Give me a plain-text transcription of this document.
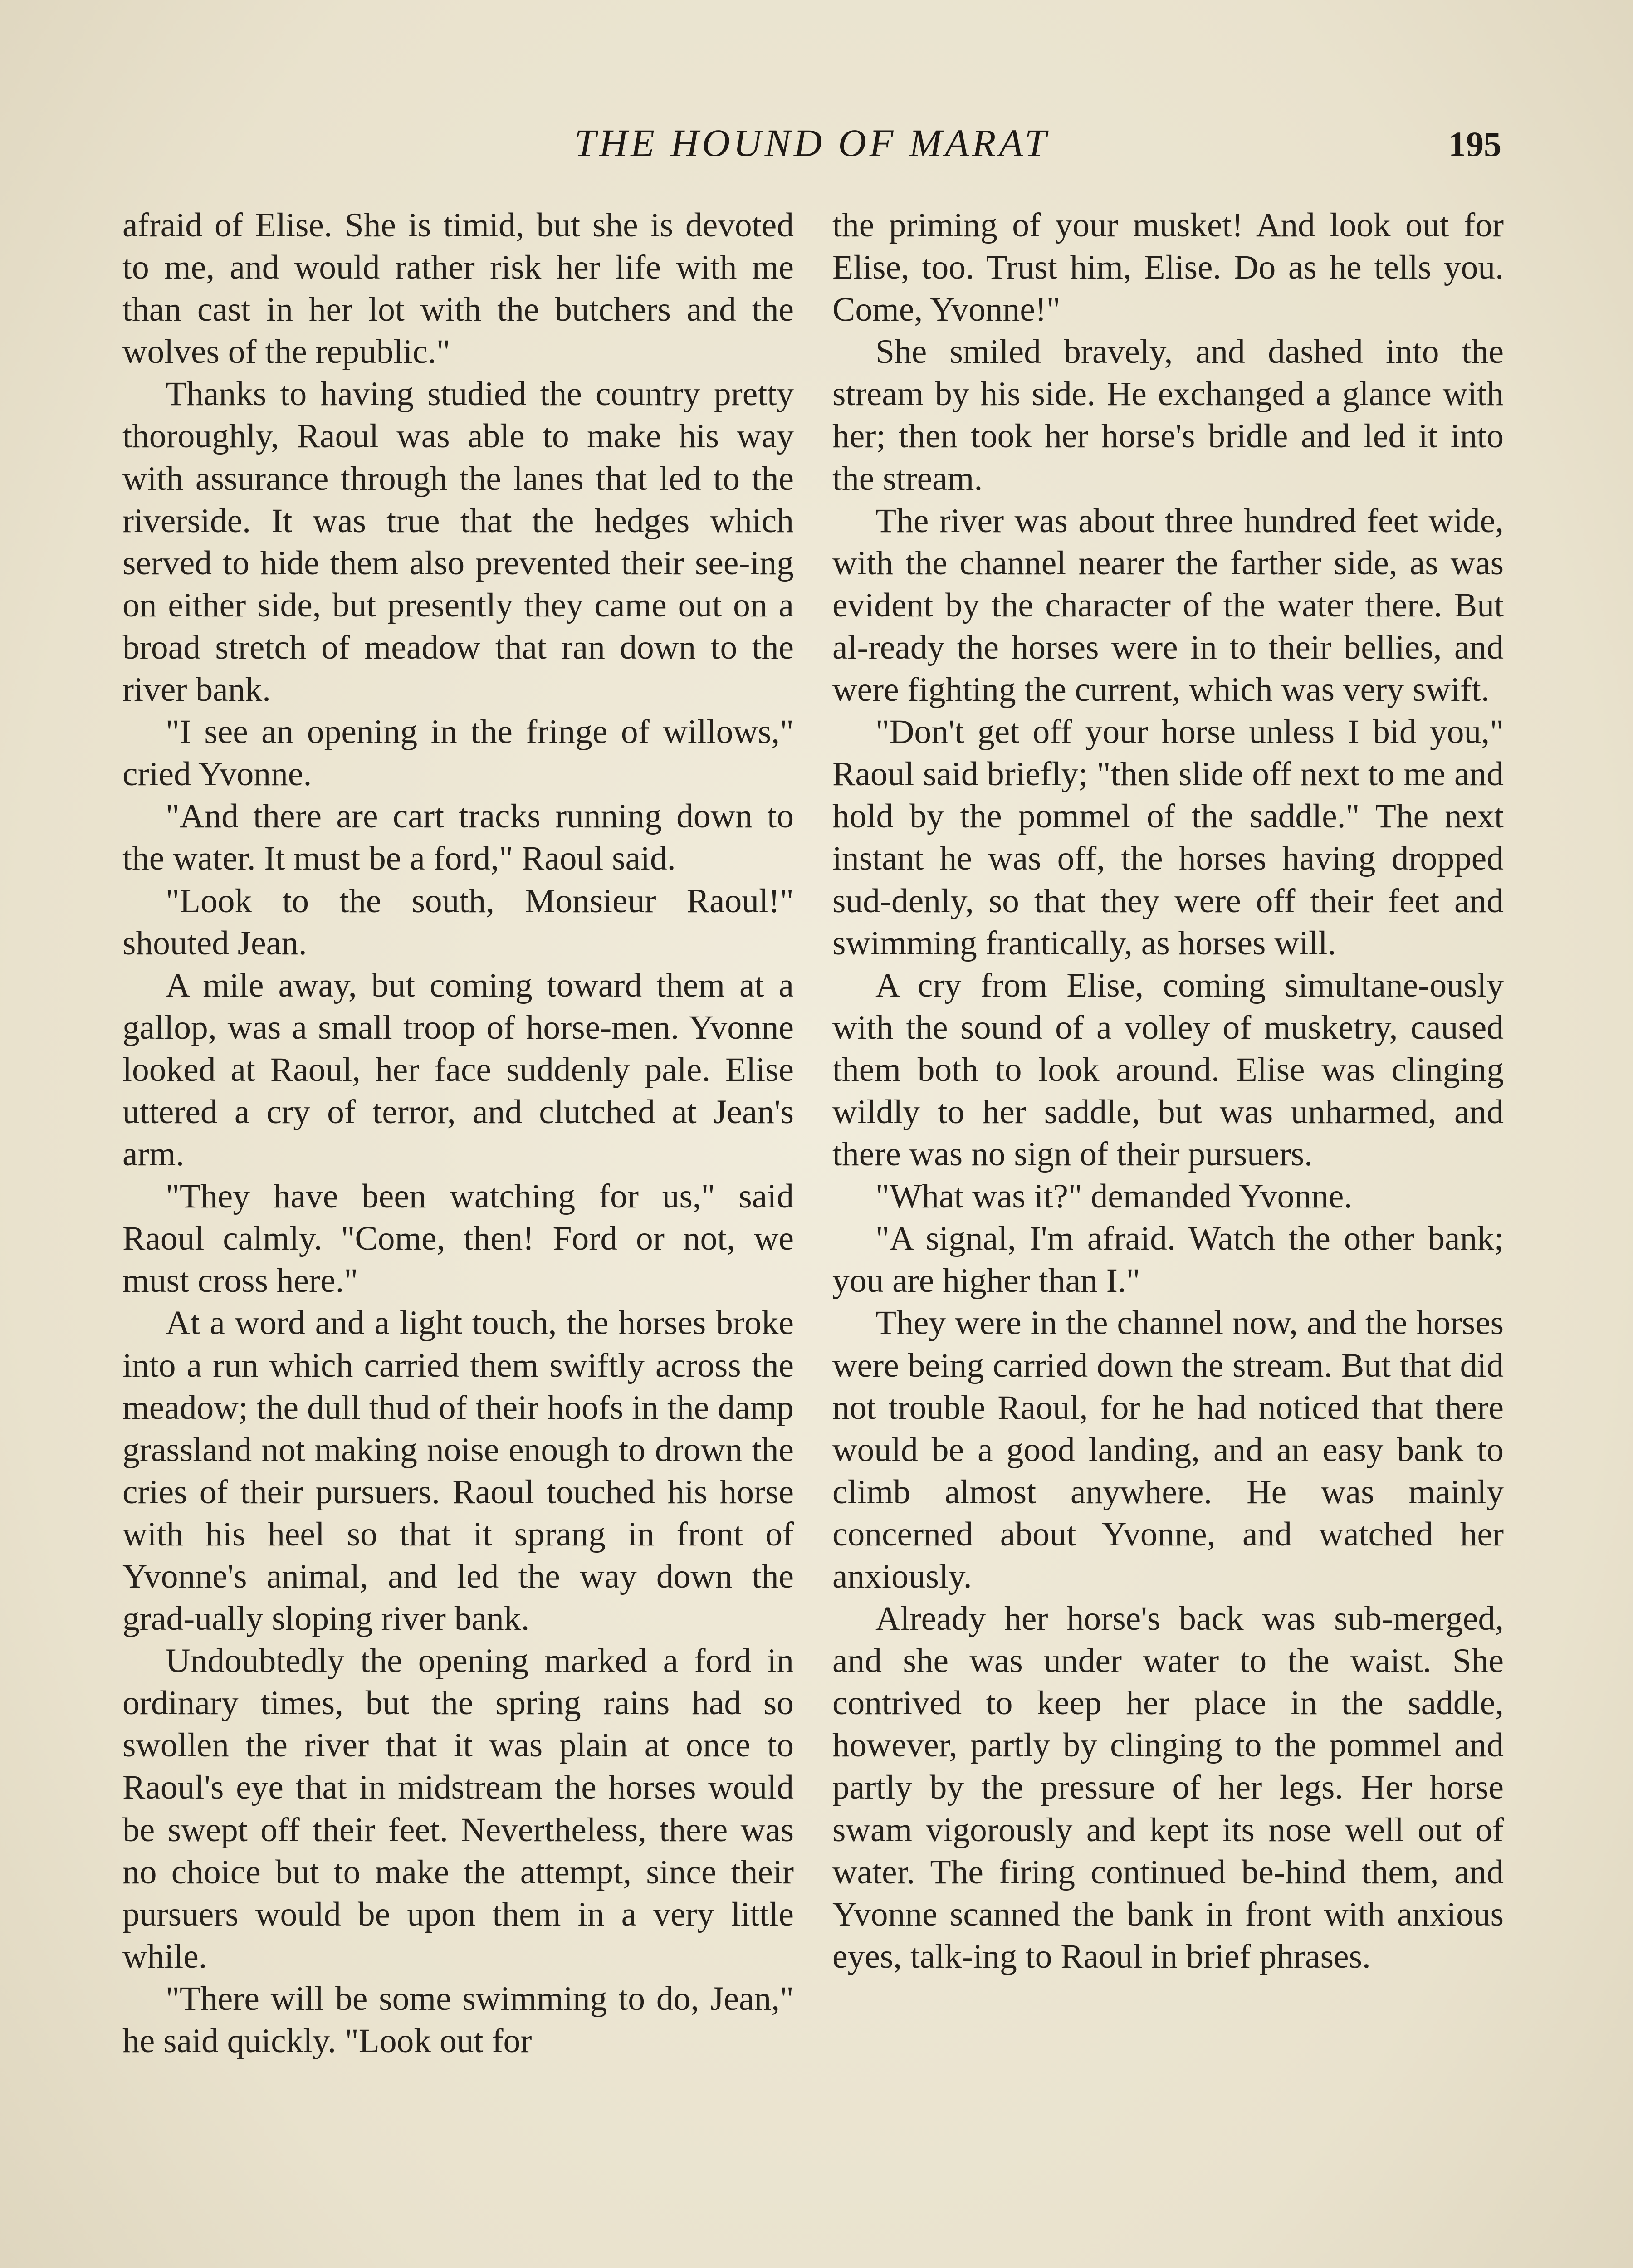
THE HOUND OF MARAT	195

afraid of Elise. She is timid, but she is devoted to me, and would rather risk her life with me than cast in her lot with the butchers and the wolves of the republic."

Thanks to having studied the country pretty thoroughly, Raoul was able to make his way with assurance through the lanes that led to the riverside. It was true that the hedges which served to hide them also prevented their see-ing on either side, but presently they came out on a broad stretch of meadow that ran down to the river bank.

"I see an opening in the fringe of willows," cried Yvonne.

"And there are cart tracks running down to the water. It must be a ford," Raoul said.

"Look to the south, Monsieur Raoul!" shouted Jean.

A mile away, but coming toward them at a gallop, was a small troop of horse-men. Yvonne looked at Raoul, her face suddenly pale. Elise uttered a cry of terror, and clutched at Jean's arm.

"They have been watching for us," said Raoul calmly. "Come, then! Ford or not, we must cross here."

At a word and a light touch, the horses broke into a run which carried them swiftly across the meadow; the dull thud of their hoofs in the damp grassland not making noise enough to drown the cries of their pursuers. Raoul touched his horse with his heel so that it sprang in front of Yvonne's animal, and led the way down the grad-ually sloping river bank.

Undoubtedly the opening marked a ford in ordinary times, but the spring rains had so swollen the river that it was plain at once to Raoul's eye that in midstream the horses would be swept off their feet. Nevertheless, there was no choice but to make the attempt, since their pursuers would be upon them in a very little while.

"There will be some swimming to do, Jean," he said quickly. "Look out for

the priming of your musket! And look out for Elise, too. Trust him, Elise. Do as he tells you. Come, Yvonne!"

She smiled bravely, and dashed into the stream by his side. He exchanged a glance with her; then took her horse's bridle and led it into the stream.

The river was about three hundred feet wide, with the channel nearer the farther side, as was evident by the character of the water there. But al-ready the horses were in to their bellies, and were fighting the current, which was very swift.

"Don't get off your horse unless I bid you," Raoul said briefly; "then slide off next to me and hold by the pommel of the saddle." The next instant he was off, the horses having dropped sud-denly, so that they were off their feet and swimming frantically, as horses will.

A cry from Elise, coming simultane-ously with the sound of a volley of musketry, caused them both to look around. Elise was clinging wildly to her saddle, but was unharmed, and there was no sign of their pursuers.

"What was it?" demanded Yvonne.

"A signal, I'm afraid. Watch the other bank; you are higher than I."

They were in the channel now, and the horses were being carried down the stream. But that did not trouble Raoul, for he had noticed that there would be a good landing, and an easy bank to climb almost anywhere. He was mainly concerned about Yvonne, and watched her anxiously.

Already her horse's back was sub-merged, and she was under water to the waist. She contrived to keep her place in the saddle, however, partly by clinging to the pommel and partly by the pressure of her legs. Her horse swam vigorously and kept its nose well out of water. The firing continued be-hind them, and Yvonne scanned the bank in front with anxious eyes, talk-ing to Raoul in brief phrases.
